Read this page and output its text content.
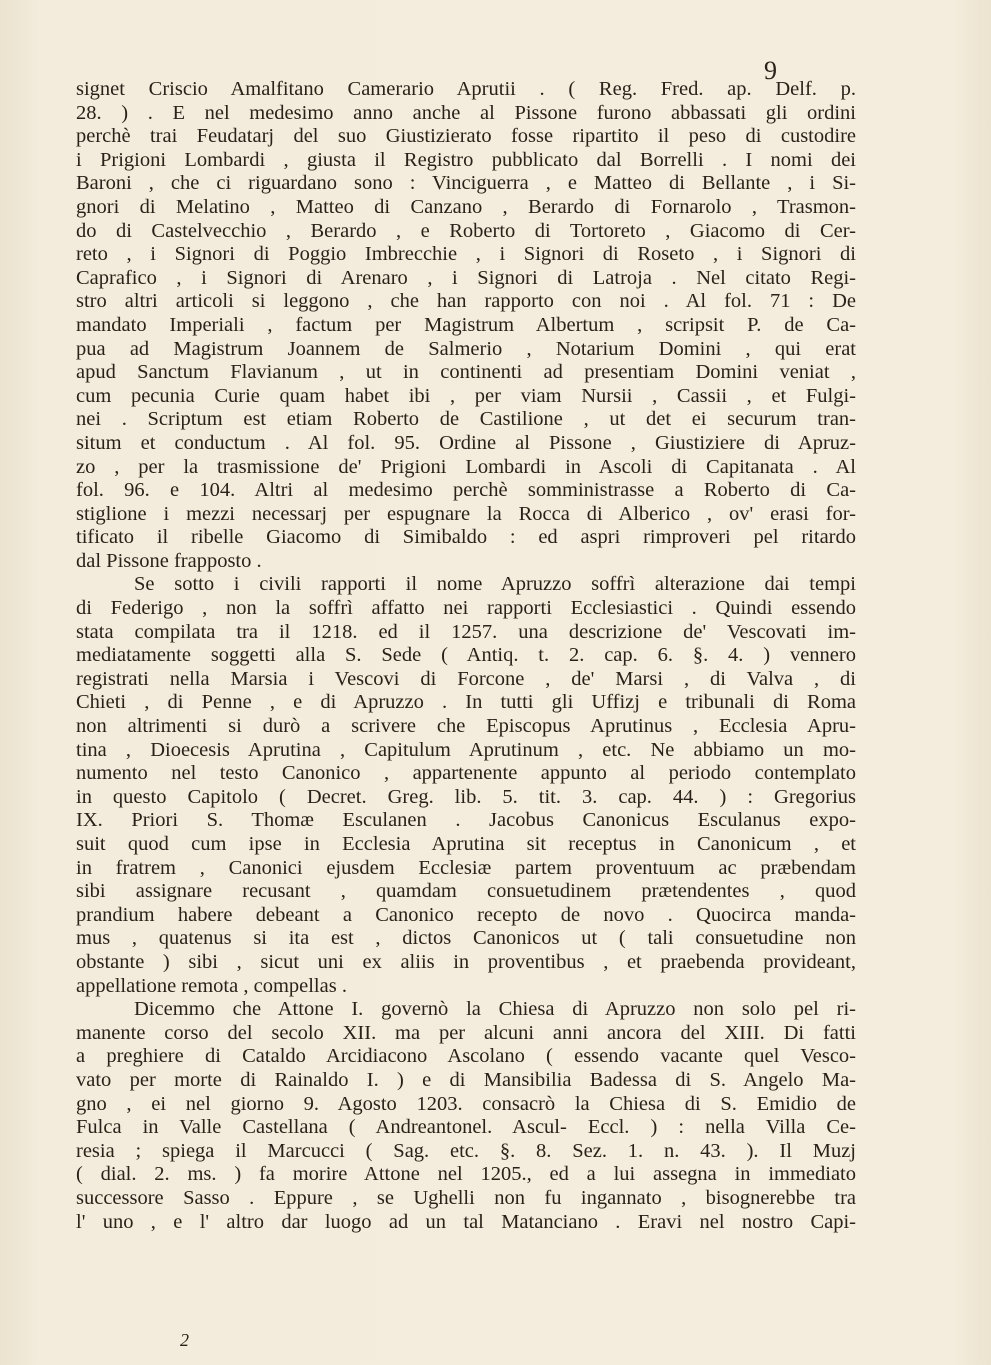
9
signet Criscio Amalfitano Camerario Aprutii . ( Reg. Fred. ap. Delf. p.
28. ) . E nel medesimo anno anche al Pissone furono abbassati gli ordini
perchè trai Feudatarj del suo Giustizierato fosse ripartito il peso di custodire
i Prigioni Lombardi , giusta il Registro pubblicato dal Borrelli . I nomi dei
Baroni , che ci riguardano sono : Vinciguerra , e Matteo di Bellante , i Si-
gnori di Melatino , Matteo di Canzano , Berardo di Fornarolo , Trasmon-
do di Castelvecchio , Berardo , e Roberto di Tortoreto , Giacomo di Cer-
reto , i Signori di Poggio Imbrecchie , i Signori di Roseto , i Signori di
Caprafico , i Signori di Arenaro , i Signori di Latroja . Nel citato Regi-
stro altri articoli si leggono , che han rapporto con noi . Al fol. 71 : De
mandato Imperiali , factum per Magistrum Albertum , scripsit P. de Ca-
pua ad Magistrum Joannem de Salmerio , Notarium Domini , qui erat
apud Sanctum Flavianum , ut in continenti ad presentiam Domini veniat ,
cum pecunia Curie quam habet ibi , per viam Nursii , Cassii , et Fulgi-
nei . Scriptum est etiam Roberto de Castilione , ut det ei securum tran-
situm et conductum . Al fol. 95. Ordine al Pissone , Giustiziere di Apruz-
zo , per la trasmissione de' Prigioni Lombardi in Ascoli di Capitanata . Al
fol. 96. e 104. Altri al medesimo perchè somministrasse a Roberto di Ca-
stiglione i mezzi necessarj per espugnare la Rocca di Alberico , ov' erasi for-
tificato il ribelle Giacomo di Simibaldo : ed aspri rimproveri pel ritardo
dal Pissone frapposto .
Se sotto i civili rapporti il nome Apruzzo soffrì alterazione dai tempi
di Federigo , non la soffrì affatto nei rapporti Ecclesiastici . Quindi essendo
stata compilata tra il 1218. ed il 1257. una descrizione de' Vescovati im-
mediatamente soggetti alla S. Sede ( Antiq. t. 2. cap. 6. §. 4. ) vennero
registrati nella Marsia i Vescovi di Forcone , de' Marsi , di Valva , di
Chieti , di Penne , e di Apruzzo . In tutti gli Uffizj e tribunali di Roma
non altrimenti si durò a scrivere che Episcopus Aprutinus , Ecclesia Apru-
tina , Dioecesis Aprutina , Capitulum Aprutinum , etc. Ne abbiamo un mo-
numento nel testo Canonico , appartenente appunto al periodo contemplato
in questo Capitolo ( Decret. Greg. lib. 5. tit. 3. cap. 44. ) : Gregorius
IX. Priori S. Thomæ Esculanen . Jacobus Canonicus Esculanus expo-
suit quod cum ipse in Ecclesia Aprutina sit receptus in Canonicum , et
in fratrem , Canonici ejusdem Ecclesiæ partem proventuum ac præbendam
sibi assignare recusant , quamdam consuetudinem prætendentes , quod
prandium habere debeant a Canonico recepto de novo . Quocirca manda-
mus , quatenus si ita est , dictos Canonicos ut ( tali consuetudine non
obstante ) sibi , sicut uni ex aliis in proventibus , et praebenda provideant,
appellatione remota , compellas .
Dicemmo che Attone I. governò la Chiesa di Apruzzo non solo pel ri-
manente corso del secolo XII. ma per alcuni anni ancora del XIII. Di fatti
a preghiere di Cataldo Arcidiacono Ascolano ( essendo vacante quel Vesco-
vato per morte di Rainaldo I. ) e di Mansibilia Badessa di S. Angelo Ma-
gno , ei nel giorno 9. Agosto 1203. consacrò la Chiesa di S. Emidio de
Fulca in Valle Castellana ( Andreantonel. Ascul- Eccl. ) : nella Villa Ce-
resia ; spiega il Marcucci ( Sag. etc. §. 8. Sez. 1. n. 43. ). Il Muzj
( dial. 2. ms. ) fa morire Attone nel 1205., ed a lui assegna in immediato
successore Sasso . Eppure , se Ughelli non fu ingannato , bisognerebbe tra
l' uno , e l' altro dar luogo ad un tal Matanciano . Eravi nel nostro Capi-
2
